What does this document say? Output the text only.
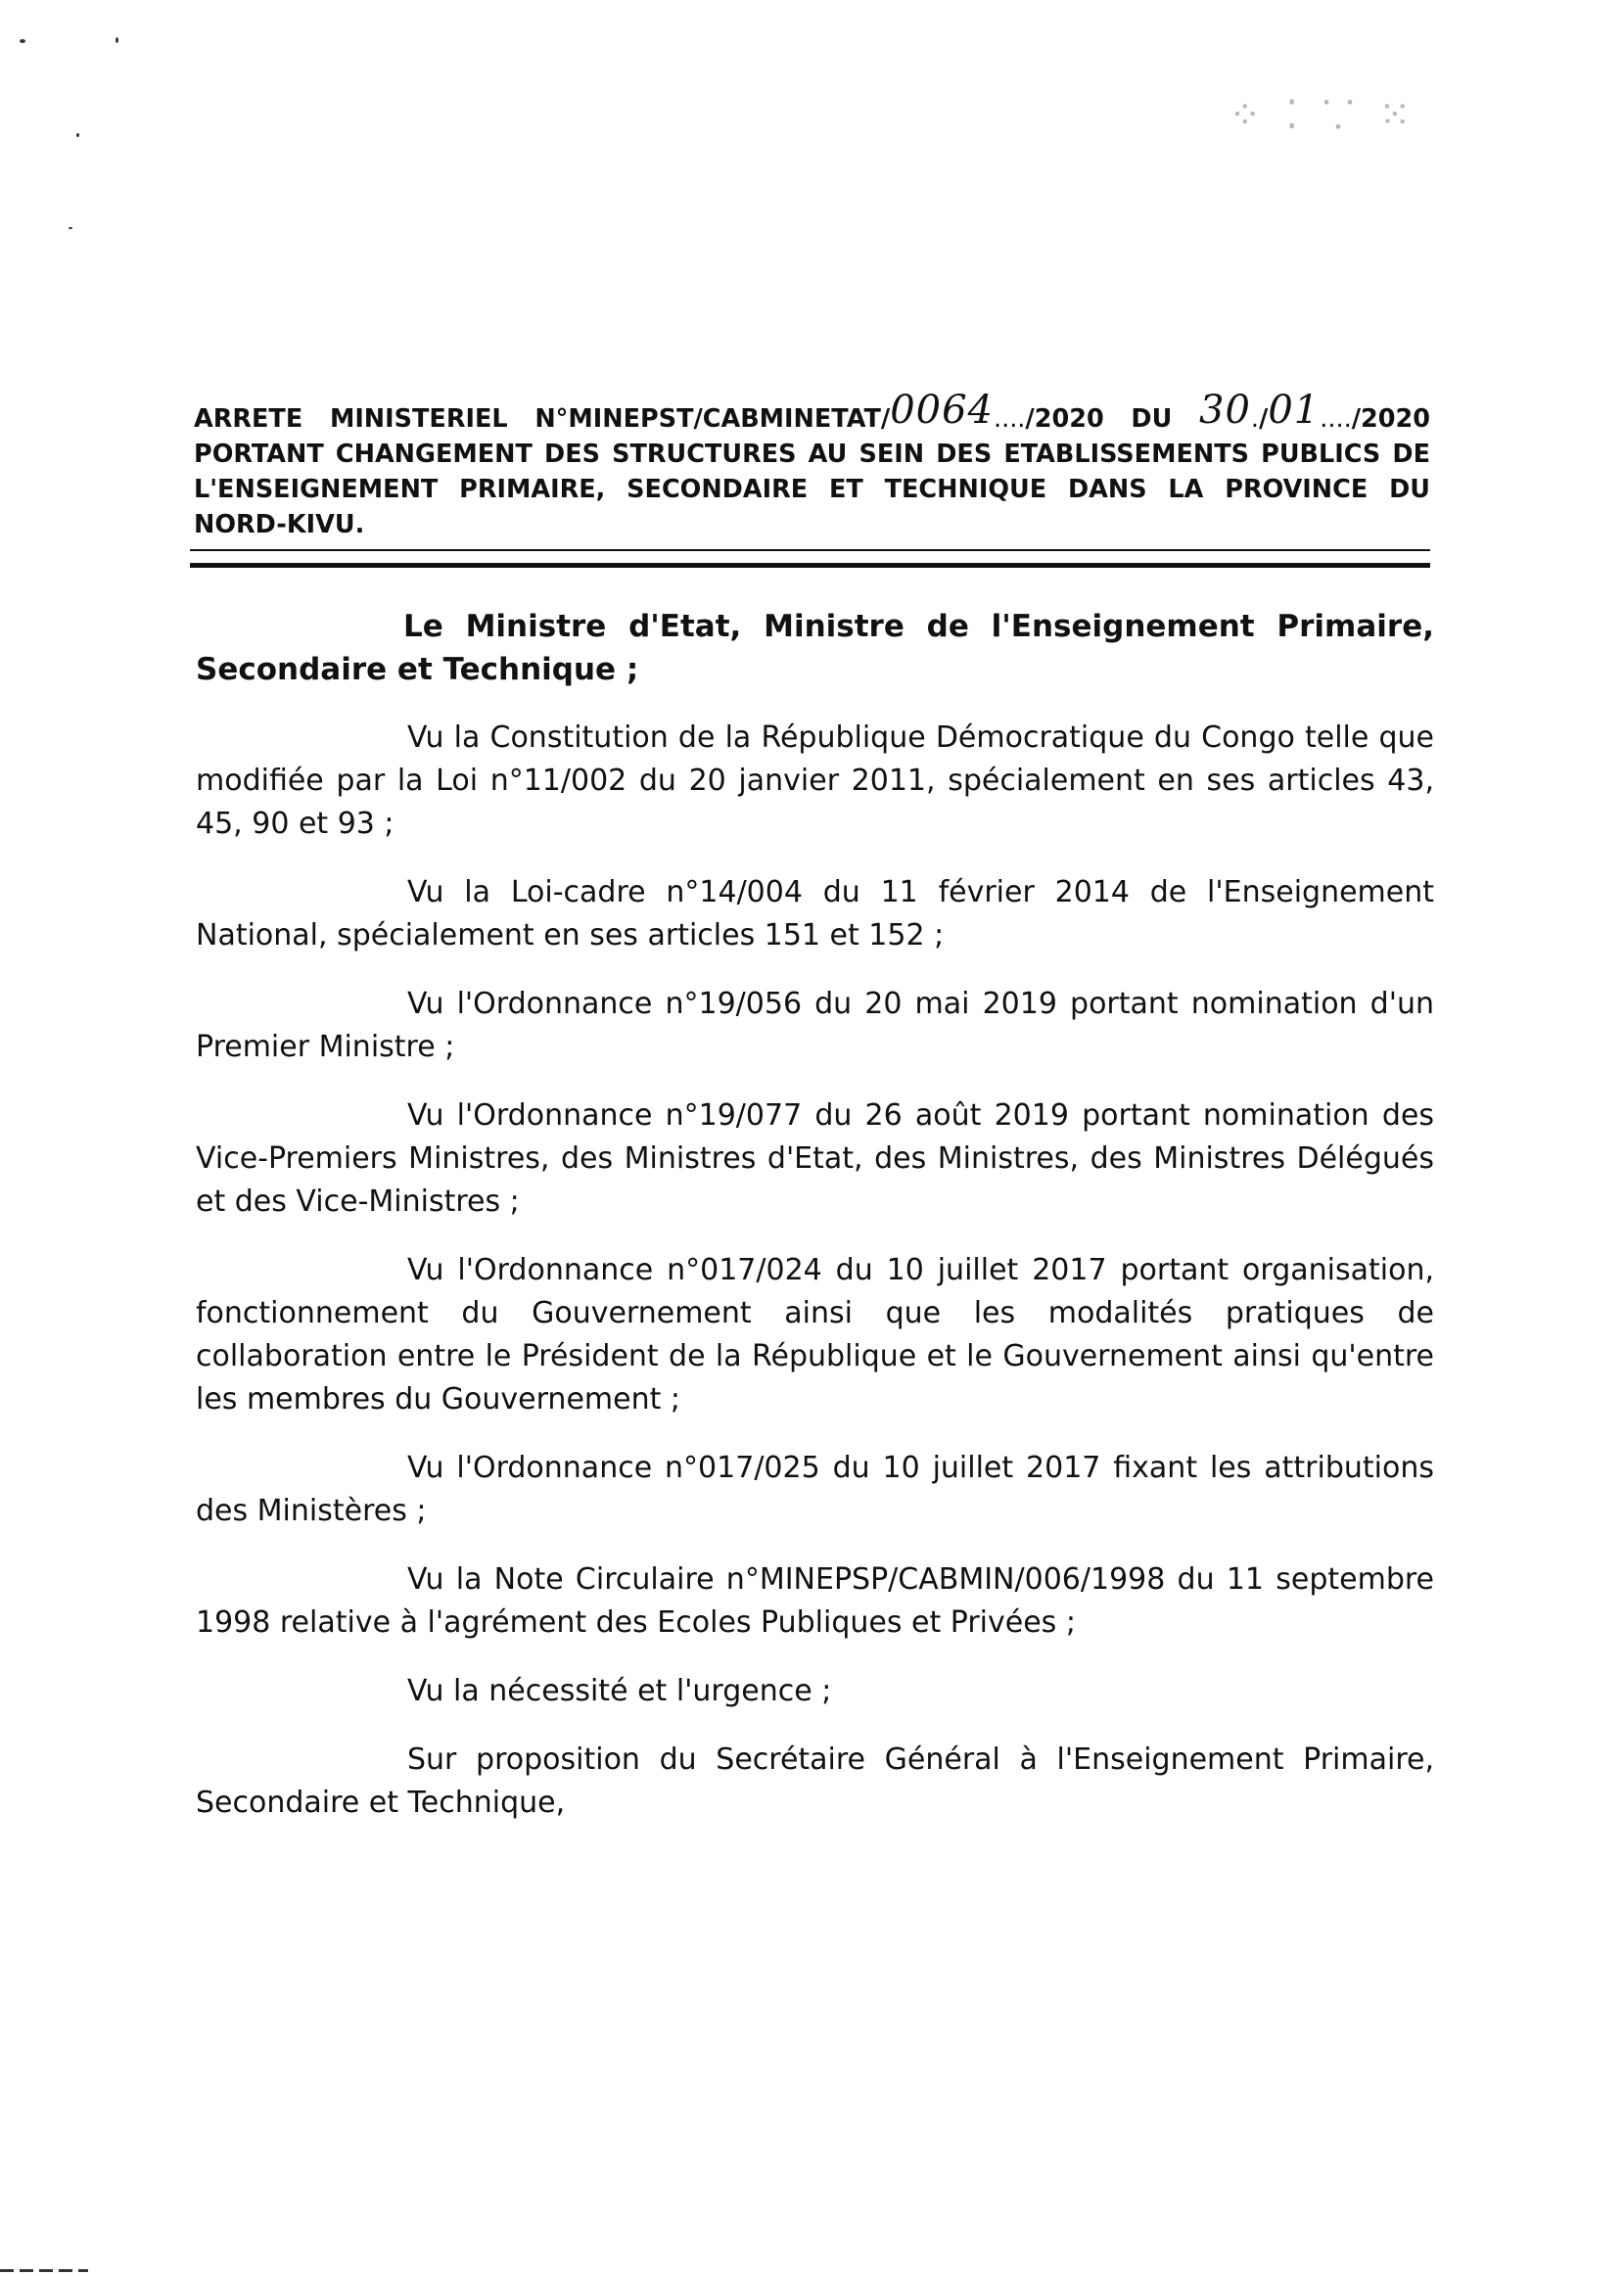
⁘ ⁚ ⸪ ⁙
ARRETE MINISTERIEL N°MINEPST/CABMINETAT/0064..../2020 DU 30./01..../2020
PORTANT CHANGEMENT DES STRUCTURES AU SEIN DES ETABLISSEMENTS PUBLICS DE
L'ENSEIGNEMENT PRIMAIRE, SECONDAIRE ET TECHNIQUE DANS LA PROVINCE DU
NORD-KIVU.

Le Ministre d'Etat, Ministre de l'Enseignement Primaire, Secondaire et Technique ;

Vu la Constitution de la République Démocratique du Congo telle que modifiée par la Loi n°11/002 du 20 janvier 2011, spécialement en ses articles 43, 45, 90 et 93 ;

Vu la Loi-cadre n°14/004 du 11 février 2014 de l'Enseignement National, spécialement en ses articles 151 et 152 ;

Vu l'Ordonnance n°19/056 du 20 mai 2019 portant nomination d'un Premier Ministre ;

Vu l'Ordonnance n°19/077 du 26 août 2019 portant nomination des Vice-Premiers Ministres, des Ministres d'Etat, des Ministres, des Ministres Délégués et des Vice-Ministres ;

Vu l'Ordonnance n°017/024 du 10 juillet 2017 portant organisation, fonctionnement du Gouvernement ainsi que les modalités pratiques de collaboration entre le Président de la République et le Gouvernement ainsi qu'entre les membres du Gouvernement ;

Vu l'Ordonnance n°017/025 du 10 juillet 2017 fixant les attributions des Ministères ;

Vu la Note Circulaire n°MINEPSP/CABMIN/006/1998 du 11 septembre 1998 relative à l'agrément des Ecoles Publiques et Privées ;

Vu la nécessité et l'urgence ;

Sur proposition du Secrétaire Général à l'Enseignement Primaire, Secondaire et Technique,
